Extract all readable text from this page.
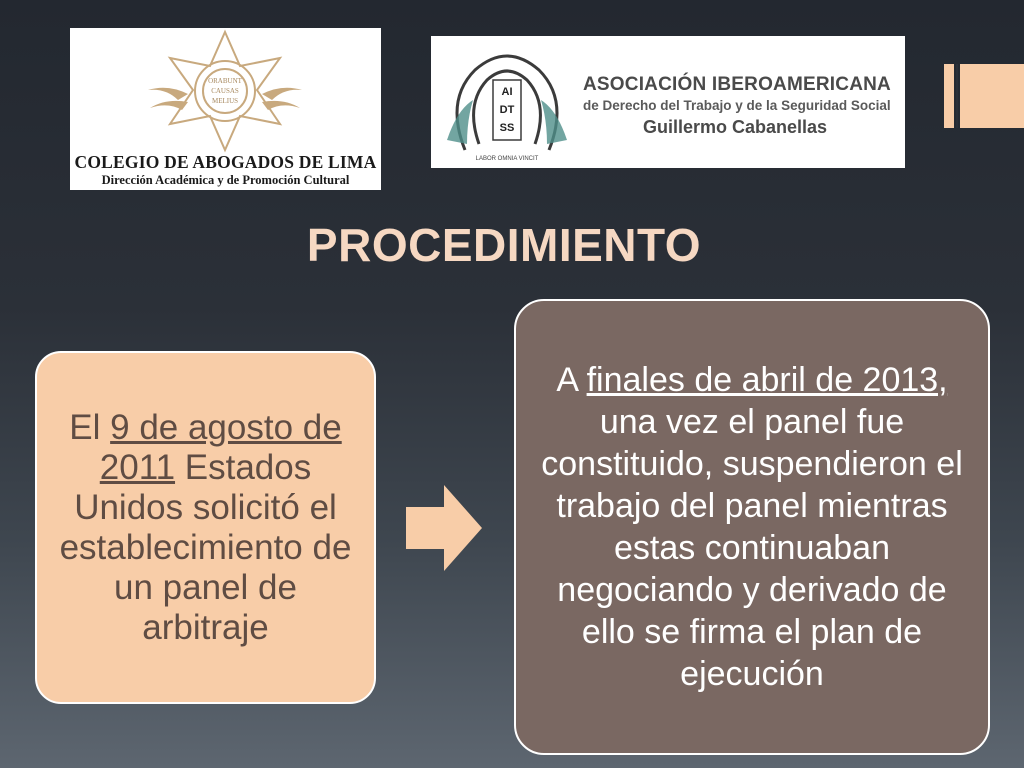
ORABUNT
CAUSAS
MELIUS
COLEGIO DE ABOGADOS DE LIMA
Dirección Académica y de Promoción Cultural
AI
DT
SS
LABOR OMNIA VINCIT
ASOCIACIÓN IBEROAMERICANA
de Derecho del Trabajo y de la Seguridad Social
Guillermo Cabanellas
PROCEDIMIENTO
El 9 de agosto de 2011 Estados Unidos solicitó el establecimiento de un panel de arbitraje
A finales de abril de 2013, una vez el panel fue constituido, suspendieron el trabajo del panel mientras estas continuaban negociando y derivado de ello se firma el plan de ejecución
